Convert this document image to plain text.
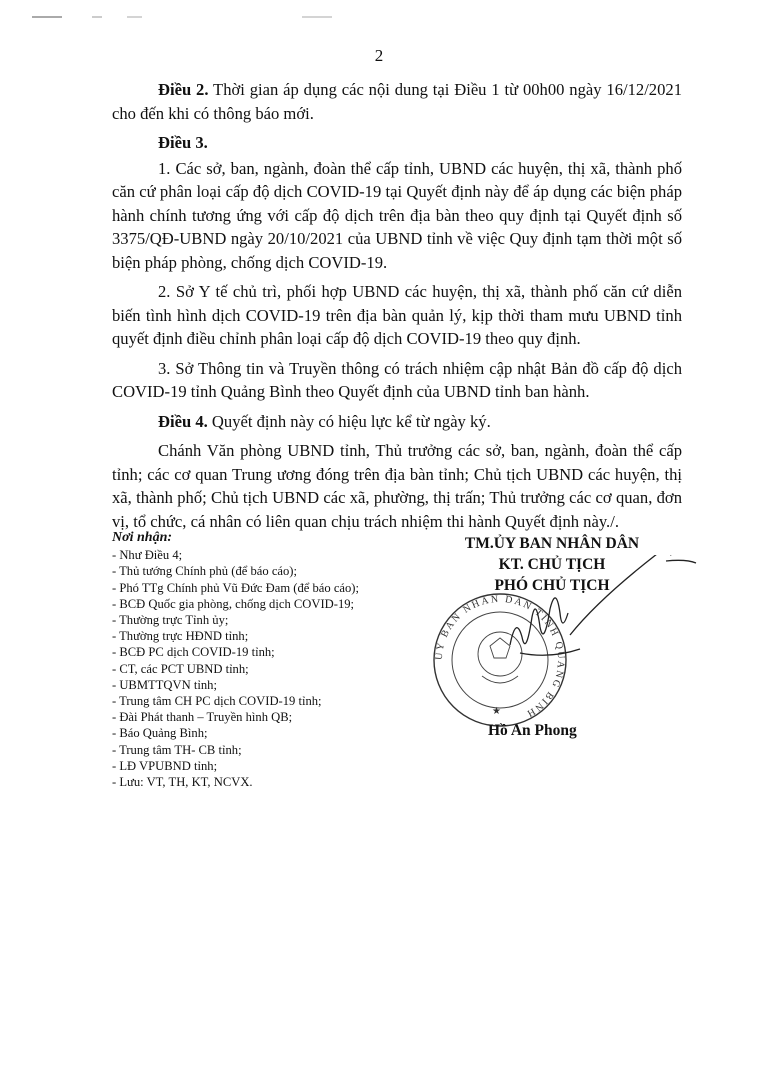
2

Điều 2. Thời gian áp dụng các nội dung tại Điều 1 từ 00h00 ngày 16/12/2021 cho đến khi có thông báo mới.

Điều 3.

1. Các sở, ban, ngành, đoàn thể cấp tỉnh, UBND các huyện, thị xã, thành phố căn cứ phân loại cấp độ dịch COVID-19 tại Quyết định này để áp dụng các biện pháp hành chính tương ứng với cấp độ dịch trên địa bàn theo quy định tại Quyết định số 3375/QĐ-UBND ngày 20/10/2021 của UBND tỉnh về việc Quy định tạm thời một số biện pháp phòng, chống dịch COVID-19.

2. Sở Y tế chủ trì, phối hợp UBND các huyện, thị xã, thành phố căn cứ diễn biến tình hình dịch COVID-19 trên địa bàn quản lý, kịp thời tham mưu UBND tỉnh quyết định điều chỉnh phân loại cấp độ dịch COVID-19 theo quy định.

3. Sở Thông tin và Truyền thông có trách nhiệm cập nhật Bản đồ cấp độ dịch COVID-19 tỉnh Quảng Bình theo Quyết định của UBND tỉnh ban hành.

Điều 4. Quyết định này có hiệu lực kể từ ngày ký.

Chánh Văn phòng UBND tỉnh, Thủ trưởng các sở, ban, ngành, đoàn thể cấp tỉnh; các cơ quan Trung ương đóng trên địa bàn tỉnh; Chủ tịch UBND các huyện, thị xã, thành phố; Chủ tịch UBND các xã, phường, thị trấn; Thủ trưởng các cơ quan, đơn vị, tổ chức, cá nhân có liên quan chịu trách nhiệm thi hành Quyết định này./.

Nơi nhận:
- Như Điều 4;
- Thủ tướng Chính phủ (để báo cáo);
- Phó TTg Chính phủ Vũ Đức Đam (để báo cáo);
- BCĐ Quốc gia phòng, chống dịch COVID-19;
- Thường trực Tỉnh ủy;
- Thường trực HĐND tỉnh;
- BCĐ PC dịch COVID-19 tỉnh;
- CT, các PCT UBND tỉnh;
- UBMTTQVN tỉnh;
- Trung tâm CH PC dịch COVID-19 tỉnh;
- Đài Phát thanh – Truyền hình QB;
- Báo Quảng Bình;
- Trung tâm TH- CB tỉnh;
- LĐ VPUBND tỉnh;
- Lưu: VT, TH, KT, NCVX.
TM.ỦY BAN NHÂN DÂN
KT. CHỦ TỊCH
PHÓ CHỦ TỊCH
ỦY BAN NHÂN DÂN TỈNH QUẢNG BÌNH
★
Hồ An Phong
